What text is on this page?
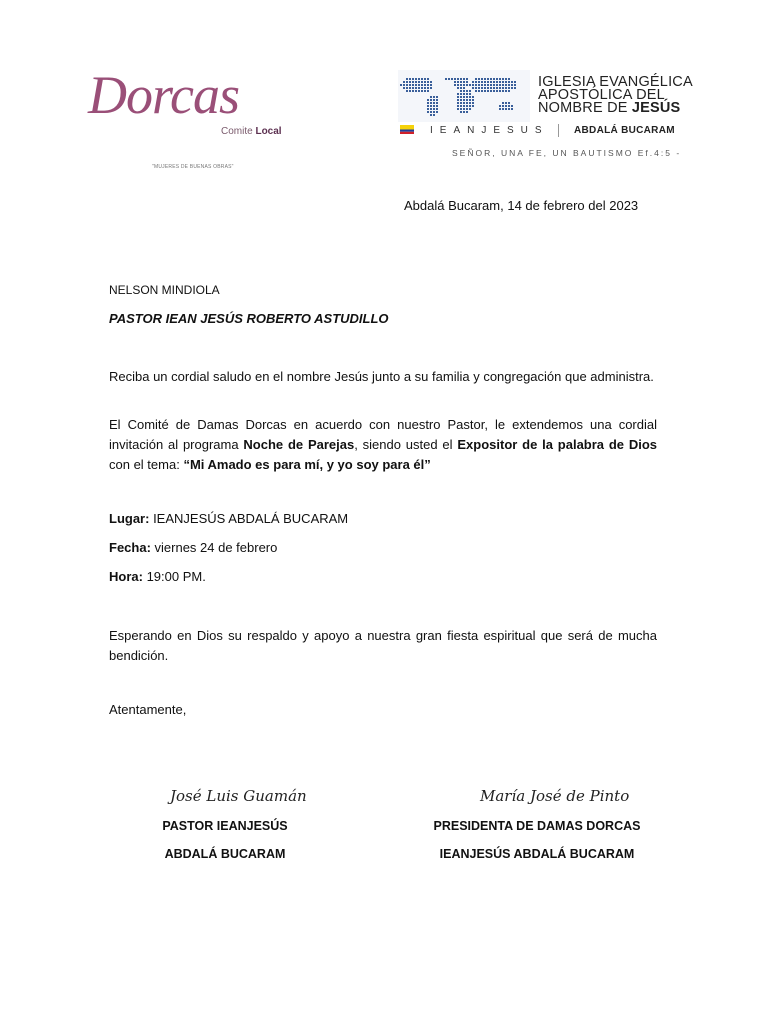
Dorcas
Comite Local
"MUJERES DE BUENAS OBRAS"
IGLESIA EVANGÉLICA
APOSTÓLICA DEL
NOMBRE DE JESÚS
IEANJESUS	ABDALÁ BUCARAM
SEÑOR, UNA FE, UN BAUTISMO Ef.4:5 -
Abdalá Bucaram, 14 de febrero del 2023
NELSON MINDIOLA
PASTOR IEAN JESÚS ROBERTO ASTUDILLO
Reciba un cordial saludo en el nombre Jesús junto a su familia y congregación que administra.
El Comité de Damas Dorcas en acuerdo con nuestro Pastor, le extendemos una cordial invitación al programa Noche de Parejas, siendo usted el Expositor de la palabra de Dios con el tema: “Mi Amado es para mí, y yo soy para él”
Lugar: IEANJESÚS ABDALÁ BUCARAM
Fecha: viernes 24 de febrero
Hora: 19:00 PM.
Esperando en Dios su respaldo y apoyo a nuestra gran fiesta espiritual que será de mucha bendición.
Atentamente,
José Luis Guamán	María José de Pinto
PASTOR IEANJESÚS
ABDALÁ BUCARAM
PRESIDENTA DE DAMAS DORCAS
IEANJESÚS ABDALÁ BUCARAM
